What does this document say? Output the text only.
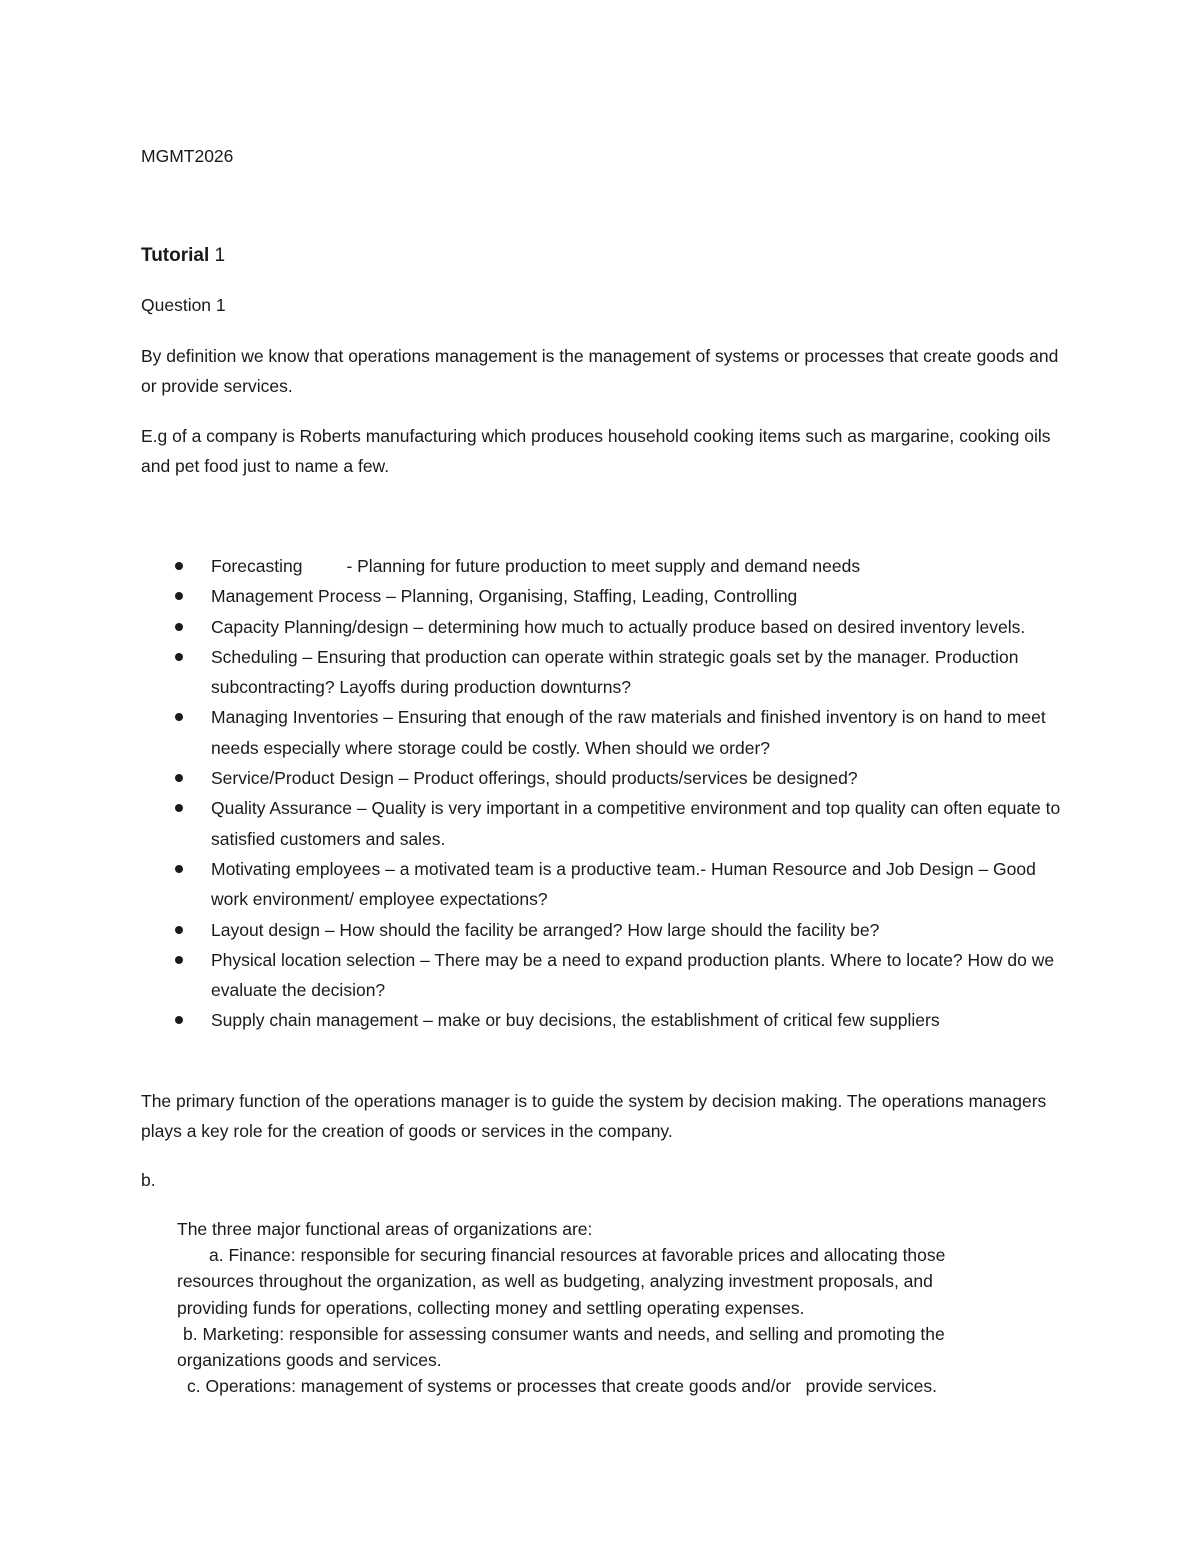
MGMT2026
Tutorial 1
Question 1
By definition we know that operations management is the management of systems or processes that create goods and or provide services.
E.g of a company is Roberts manufacturing which produces household cooking items such as margarine, cooking oils and pet food just to name a few.
Forecasting	- Planning for future production to meet supply and demand needs
Management Process – Planning, Organising, Staffing, Leading, Controlling
Capacity Planning/design – determining how much to actually produce based on desired inventory levels.
Scheduling – Ensuring that production can operate within strategic goals set by the manager. Production subcontracting? Layoffs during production downturns?
Managing Inventories – Ensuring that enough of the raw materials and finished inventory is on hand to meet needs especially where storage could be costly. When should we order?
Service/Product Design – Product offerings, should products/services be designed?
Quality Assurance – Quality is very important in a competitive environment and top quality can often equate to satisfied customers and sales.
Motivating employees – a motivated team is a productive team.- Human Resource and Job Design – Good work environment/ employee expectations?
Layout design – How should the facility be arranged? How large should the facility be?
Physical location selection – There may be a need to expand production plants. Where to locate? How do we evaluate the decision?
Supply chain management – make or buy decisions, the establishment of critical few suppliers
The primary function of the operations manager is to guide the system by decision making. The operations managers plays a key role for the creation of goods or services in the company.
b.
The three major functional areas of organizations are:
a. Finance: responsible for securing financial resources at favorable prices and allocating those
resources throughout the organization, as well as budgeting, analyzing investment proposals, and
providing funds for operations, collecting money and settling operating expenses.
b. Marketing: responsible for assessing consumer wants and needs, and selling and promoting the
organizations goods and services.
c. Operations: management of systems or processes that create goods and/or   provide services.
